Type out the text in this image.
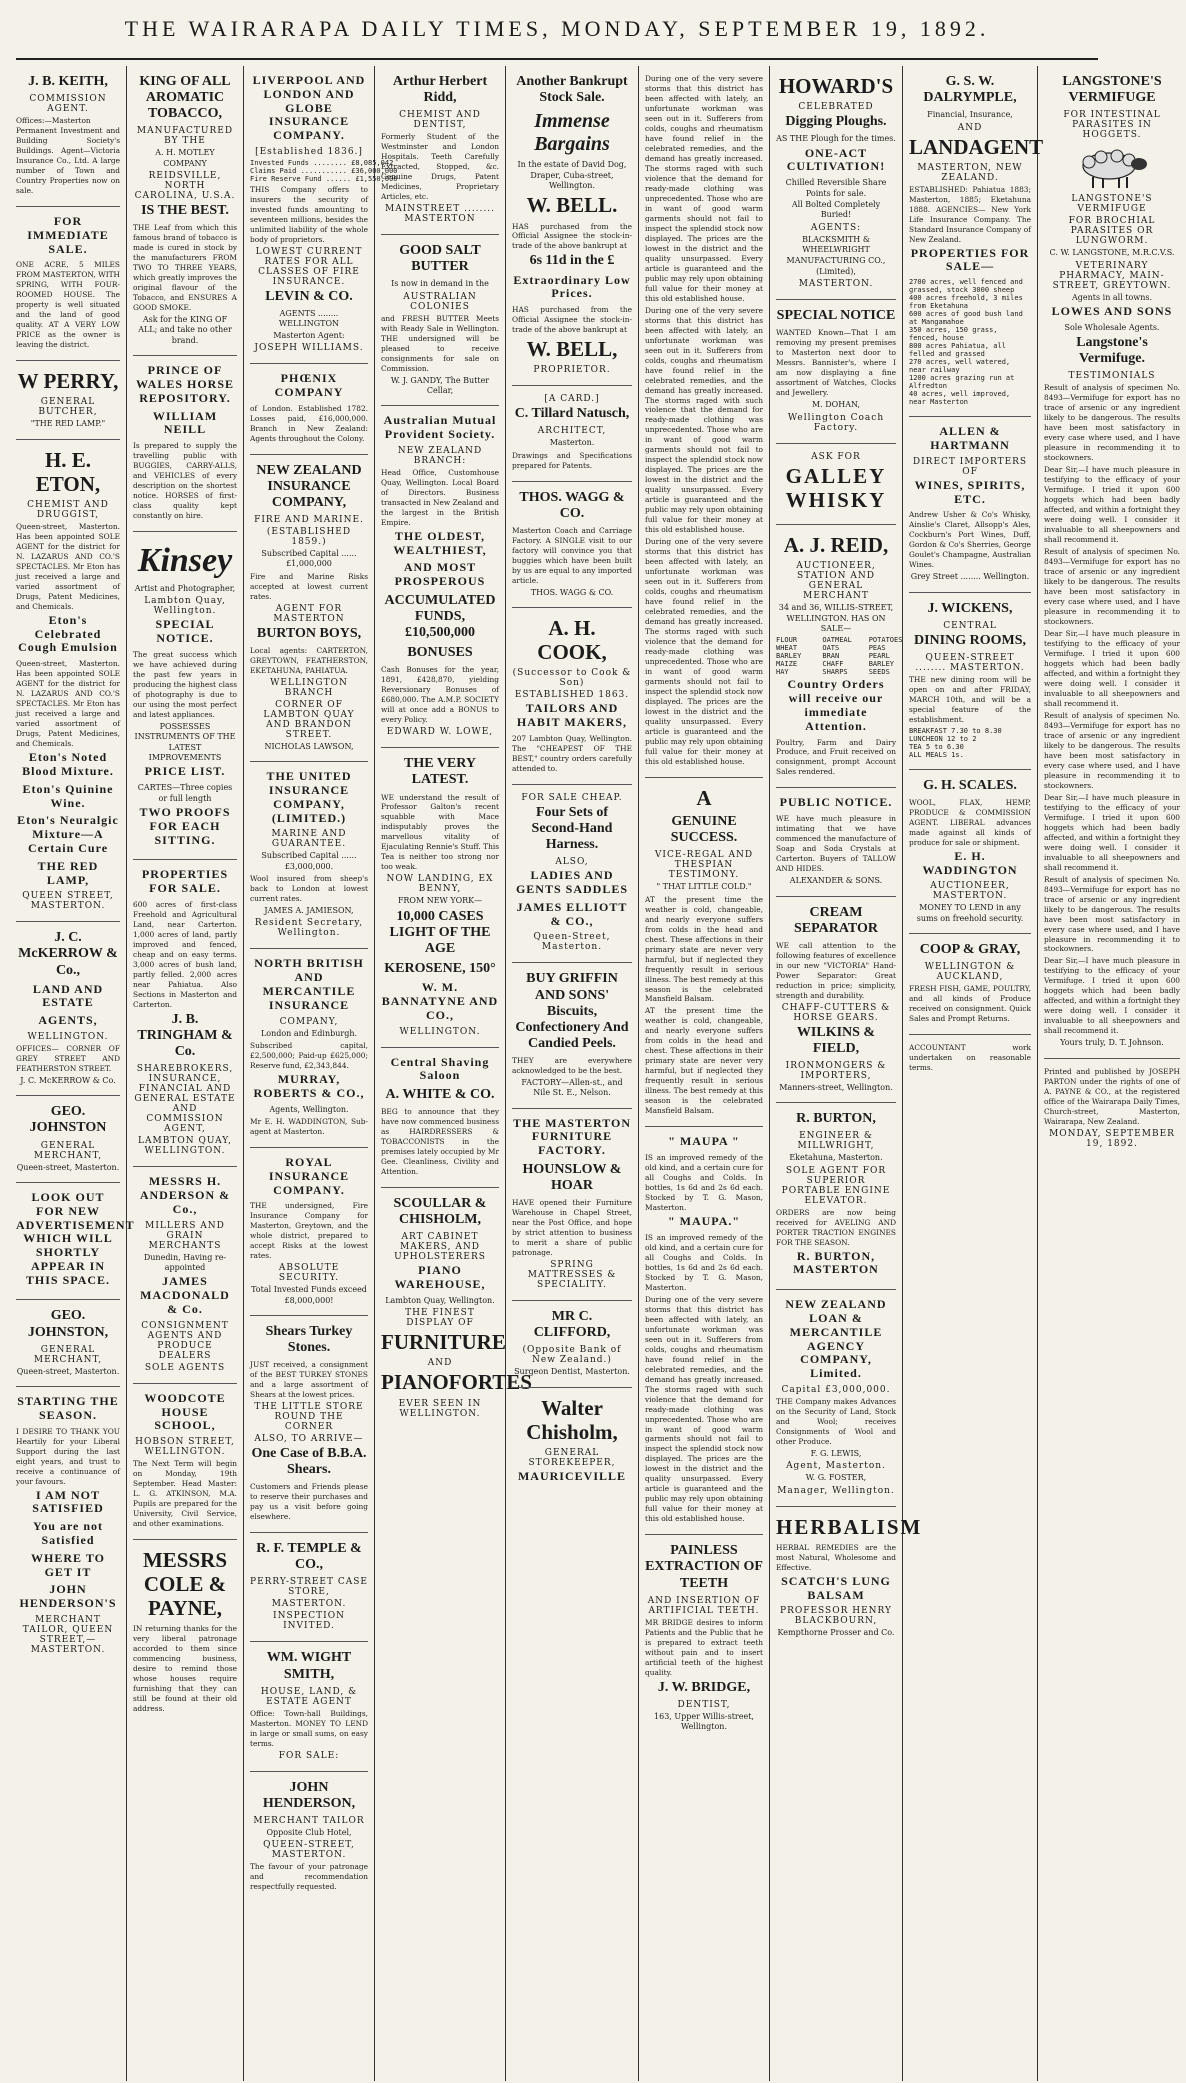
THE WAIRARAPA DAILY TIMES, MONDAY, SEPTEMBER 19, 1892.
J. B. KEITH,
COMMISSION AGENT.
Offices:—Masterton Permanent Investment and Building Society's Buildings. Agent—Victoria Insurance Co., Ltd. A large number of Town and Country Properties now on sale.
FOR IMMEDIATE SALE.
ONE ACRE, 5 MILES FROM MASTERTON, WITH SPRING, WITH FOUR-ROOMED HOUSE. The property is well situated and the land of good quality. AT A VERY LOW PRICE as the owner is leaving the district.
W PERRY,
GENERAL BUTCHER,
"THE RED LAMP."
H. E. ETON,
CHEMIST AND DRUGGIST,
Queen-street, Masterton. Has been appointed SOLE AGENT for the district for N. LAZARUS AND CO.'S SPECTACLES. Mr Eton has just received a large and varied assortment of Drugs, Patent Medicines, and Chemicals.
Eton's Celebrated Cough Emulsion
Queen-street, Masterton. Has been appointed SOLE AGENT for the district for N. LAZARUS AND CO.'S SPECTACLES. Mr Eton has just received a large and varied assortment of Drugs, Patent Medicines, and Chemicals.
Eton's Noted Blood Mixture.
Eton's Quinine Wine.
Eton's Neuralgic Mixture—A Certain Cure
THE RED LAMP,
QUEEN STREET, MASTERTON.
J. C. McKERROW & Co.,
LAND AND ESTATE
AGENTS,
WELLINGTON.
OFFICES— CORNER OF GREY STREET AND FEATHERSTON STREET.
J. C. McKERROW & Co.
GEO. JOHNSTON
GENERAL MERCHANT,
Queen-street, Masterton.
LOOK OUT FOR NEW ADVERTISEMENT WHICH WILL SHORTLY APPEAR IN THIS SPACE.
GEO. JOHNSTON,
GENERAL MERCHANT,
Queen-street, Masterton.
STARTING THE SEASON.
I DESIRE TO THANK YOU Heartily for your Liberal Support during the last eight years, and trust to receive a continuance of your favours.
I AM NOT SATISFIED
You are not Satisfied
WHERE TO GET IT
JOHN HENDERSON'S
MERCHANT TAILOR, QUEEN STREET,—MASTERTON.
KING OF ALL AROMATIC TOBACCO,
MANUFACTURED BY THE
A. H. MOTLEY COMPANY
REIDSVILLE, NORTH CAROLINA, U.S.A.
IS THE BEST.
THE Leaf from which this famous brand of tobacco is made is cured in stock by the manufacturers FROM TWO TO THREE YEARS, which greatly improves the original flavour of the Tobacco, and ENSURES A GOOD SMOKE.
Ask for the KING OF ALL; and take no other brand.
PRINCE OF WALES HORSE REPOSITORY.
WILLIAM NEILL
Is prepared to supply the travelling public with BUGGIES, CARRY-ALLS, and VEHICLES of every description on the shortest notice. HORSES of first-class quality kept constantly on hire.
Kinsey
Artist and Photographer,
Lambton Quay, Wellington.
SPECIAL NOTICE.
The great success which we have achieved during the past few years in producing the highest class of photography is due to our using the most perfect and latest appliances.
POSSESSES INSTRUMENTS OF THE LATEST IMPROVEMENTS
PRICE LIST.
CARTES—Three copies or full length
TWO PROOFS FOR EACH SITTING.
PROPERTIES FOR SALE.
600 acres of first-class Freehold and Agricultural Land, near Carterton. 1,000 acres of land, partly improved and fenced, cheap and on easy terms. 3,000 acres of bush land, partly felled. 2,000 acres near Pahiatua. Also Sections in Masterton and Carterton.
J. B. TRINGHAM & Co.
SHAREBROKERS, INSURANCE, FINANCIAL AND GENERAL ESTATE AND COMMISSION AGENT,
LAMBTON QUAY, WELLINGTON.
MESSRS H. ANDERSON & Co.,
MILLERS AND GRAIN MERCHANTS
Dunedin, Having re-appointed
JAMES MACDONALD & Co.
CONSIGNMENT AGENTS AND PRODUCE DEALERS
SOLE AGENTS
WOODCOTE HOUSE SCHOOL,
HOBSON STREET, WELLINGTON.
The Next Term will begin on Monday, 19th September. Head Master: L. G. ATKINSON, M.A. Pupils are prepared for the University, Civil Service, and other examinations.
MESSRS COLE & PAYNE,
IN returning thanks for the very liberal patronage accorded to them since commencing business, desire to remind those whose houses require furnishing that they can still be found at their old address.
LIVERPOOL AND LONDON AND GLOBE INSURANCE COMPANY.
[Established 1836.]
Invested Funds ........ £8,085,042
Claims Paid ........... £36,000,000
Fire Reserve Fund ...... £1,550,000
THIS Company offers to insurers the security of invested funds amounting to seventeen millions, besides the unlimited liability of the whole body of proprietors.
LOWEST CURRENT RATES FOR ALL CLASSES OF FIRE INSURANCE.
LEVIN & CO.
AGENTS ........ WELLINGTON
Masterton Agent:
JOSEPH WILLIAMS.
PHŒNIX COMPANY
of London. Established 1782. Losses paid, £16,000,000. Branch in New Zealand: Agents throughout the Colony.
NEW ZEALAND INSURANCE COMPANY,
FIRE AND MARINE.
(ESTABLISHED 1859.)
Subscribed Capital ...... £1,000,000
Fire and Marine Risks accepted at lowest current rates.
AGENT FOR MASTERTON
BURTON BOYS,
Local agents: CARTERTON, GREYTOWN, FEATHERSTON, EKETAHUNA, PAHIATUA.
WELLINGTON BRANCH
CORNER OF LAMBTON QUAY AND BRANDON STREET.
NICHOLAS LAWSON,
THE UNITED INSURANCE COMPANY, (LIMITED.)
MARINE AND GUARANTEE.
Subscribed Capital ...... £3,000,000.
Wool insured from sheep's back to London at lowest current rates.
JAMES A. JAMIESON,
Resident Secretary, Wellington.
NORTH BRITISH AND MERCANTILE INSURANCE
COMPANY,
London and Edinburgh.
Subscribed capital, £2,500,000; Paid-up £625,000; Reserve fund, £2,343,844.
MURRAY, ROBERTS & CO.,
Agents, Wellington.
Mr E. H. WADDINGTON, Sub-agent at Masterton.
ROYAL INSURANCE COMPANY.
THE undersigned, Fire Insurance Company for Masterton, Greytown, and the whole district, prepared to accept Risks at the lowest rates.
ABSOLUTE SECURITY.
Total Invested Funds exceed £8,000,000!
Shears Turkey Stones.
JUST received, a consignment of the BEST TURKEY STONES and a large assortment of Shears at the lowest prices.
THE LITTLE STORE ROUND THE CORNER
ALSO, TO ARRIVE—
One Case of B.B.A. Shears.
Customers and Friends please to reserve their purchases and pay us a visit before going elsewhere.
R. F. TEMPLE & CO.,
PERRY-STREET CASE STORE,
MASTERTON.
INSPECTION INVITED.
WM. WIGHT SMITH,
HOUSE, LAND, & ESTATE AGENT
Office: Town-hall Buildings, Masterton. MONEY TO LEND in large or small sums, on easy terms.
FOR SALE:
JOHN HENDERSON,
MERCHANT TAILOR
Opposite Club Hotel,
QUEEN-STREET, MASTERTON.
The favour of your patronage and recommendation respectfully requested.
Arthur Herbert Ridd,
CHEMIST AND DENTIST,
Formerly Student of the Westminster and London Hospitals. Teeth Carefully Extracted, Stopped, &c. Genuine Drugs, Patent Medicines, Proprietary Articles, etc.
MAINSTREET ........ MASTERTON
GOOD SALT BUTTER
Is now in demand in the
AUSTRALIAN COLONIES
and FRESH BUTTER Meets with Ready Sale in Wellington. THE undersigned will be pleased to receive consignments for sale on Commission.
W. J. GANDY, The Butter Cellar,
Australian Mutual Provident Society.
NEW ZEALAND BRANCH:
Head Office, Customhouse Quay, Wellington. Local Board of Directors. Business transacted in New Zealand and the largest in the British Empire.
THE OLDEST, WEALTHIEST,
AND MOST PROSPEROUS
ACCUMULATED FUNDS, £10,500,000
BONUSES
Cash Bonuses for the year, 1891, £428,870, yielding Reversionary Bonuses of £680,000. The A.M.P. SOCIETY will at once add a BONUS to every Policy.
EDWARD W. LOWE,
THE VERY LATEST.
WE understand the result of Professor Galton's recent squabble with Mace indisputably proves the marvellous vitality of Ejaculating Rennie's Stuff. This Tea is neither too strong nor too weak.
NOW LANDING, EX BENNY,
FROM NEW YORK—
10,000 CASES LIGHT OF THE AGE
KEROSENE, 150°
W. M. BANNATYNE AND CO.,
WELLINGTON.
Central Shaving Saloon
A. WHITE & CO.
BEG to announce that they have now commenced business as HAIRDRESSERS & TOBACCONISTS in the premises lately occupied by Mr Gee. Cleanliness, Civility and Attention.
SCOULLAR & CHISHOLM,
ART CABINET MAKERS, AND UPHOLSTERERS
PIANO WAREHOUSE,
Lambton Quay, Wellington.
THE FINEST DISPLAY OF
FURNITURE
AND
PIANOFORTES
EVER SEEN IN WELLINGTON.
Another Bankrupt Stock Sale.
Immense Bargains
In the estate of David Dog, Draper, Cuba-street, Wellington.
W. BELL.
HAS purchased from the Official Assignee the stock-in-trade of the above bankrupt at
6s 11d in the £
Extraordinary Low Prices.
HAS purchased from the Official Assignee the stock-in-trade of the above bankrupt at
W. BELL,
PROPRIETOR.
[A CARD.]
C. Tillard Natusch,
ARCHITECT,
Masterton.
Drawings and Specifications prepared for Patents.
THOS. WAGG & CO.
Masterton Coach and Carriage Factory. A SINGLE visit to our factory will convince you that buggies which have been built by us are equal to any imported article.
THOS. WAGG & CO.
A. H. COOK,
(Successor to Cook & Son)
ESTABLISHED 1863.
TAILORS AND HABIT MAKERS,
207 Lambton Quay, Wellington. The "CHEAPEST OF THE BEST," country orders carefully attended to.
FOR SALE CHEAP.
Four Sets of Second-Hand Harness.
ALSO,
LADIES AND GENTS SADDLES
JAMES ELLIOTT & CO.,
Queen-Street, Masterton.
BUY GRIFFIN AND SONS' Biscuits, Confectionery And Candied Peels.
THEY are everywhere acknowledged to be the best.
FACTORY—Allen-st., and Nile St. E., Nelson.
THE MASTERTON FURNITURE FACTORY.
HOUNSLOW & HOAR
HAVE opened their Furniture Warehouse in Chapel Street, near the Post Office, and hope by strict attention to business to merit a share of public patronage.
SPRING MATTRESSES & SPECIALITY.
MR C. CLIFFORD,
(Opposite Bank of New Zealand.)
Surgeon Dentist, Masterton.
Walter Chisholm,
GENERAL STOREKEEPER,
MAURICEVILLE
During one of the very severe storms that this district has been affected with lately, an unfortunate workman was seen out in it. Sufferers from colds, coughs and rheumatism have found relief in the celebrated remedies, and the demand has greatly increased. The storms raged with such violence that the demand for ready-made clothing was unprecedented. Those who are in want of good warm garments should not fail to inspect the splendid stock now displayed. The prices are the lowest in the district and the quality unsurpassed. Every article is guaranteed and the public may rely upon obtaining full value for their money at this old established house.
During one of the very severe storms that this district has been affected with lately, an unfortunate workman was seen out in it. Sufferers from colds, coughs and rheumatism have found relief in the celebrated remedies, and the demand has greatly increased. The storms raged with such violence that the demand for ready-made clothing was unprecedented. Those who are in want of good warm garments should not fail to inspect the splendid stock now displayed. The prices are the lowest in the district and the quality unsurpassed. Every article is guaranteed and the public may rely upon obtaining full value for their money at this old established house.
During one of the very severe storms that this district has been affected with lately, an unfortunate workman was seen out in it. Sufferers from colds, coughs and rheumatism have found relief in the celebrated remedies, and the demand has greatly increased. The storms raged with such violence that the demand for ready-made clothing was unprecedented. Those who are in want of good warm garments should not fail to inspect the splendid stock now displayed. The prices are the lowest in the district and the quality unsurpassed. Every article is guaranteed and the public may rely upon obtaining full value for their money at this old established house.
A
GENUINE SUCCESS.
VICE-REGAL AND THESPIAN TESTIMONY.
" THAT LITTLE COLD."
AT the present time the weather is cold, changeable, and nearly everyone suffers from colds in the head and chest. These affections in their primary state are never very harmful, but if neglected they frequently result in serious illness. The best remedy at this season is the celebrated Mansfield Balsam.
AT the present time the weather is cold, changeable, and nearly everyone suffers from colds in the head and chest. These affections in their primary state are never very harmful, but if neglected they frequently result in serious illness. The best remedy at this season is the celebrated Mansfield Balsam.
" MAUPA "
IS an improved remedy of the old kind, and a certain cure for all Coughs and Colds. In bottles, 1s 6d and 2s 6d each. Stocked by T. G. Mason, Masterton.
" MAUPA."
IS an improved remedy of the old kind, and a certain cure for all Coughs and Colds. In bottles, 1s 6d and 2s 6d each. Stocked by T. G. Mason, Masterton.
During one of the very severe storms that this district has been affected with lately, an unfortunate workman was seen out in it. Sufferers from colds, coughs and rheumatism have found relief in the celebrated remedies, and the demand has greatly increased. The storms raged with such violence that the demand for ready-made clothing was unprecedented. Those who are in want of good warm garments should not fail to inspect the splendid stock now displayed. The prices are the lowest in the district and the quality unsurpassed. Every article is guaranteed and the public may rely upon obtaining full value for their money at this old established house.
PAINLESS EXTRACTION OF TEETH
AND INSERTION OF ARTIFICIAL TEETH.
MR BRIDGE desires to inform Patients and the Public that he is prepared to extract teeth without pain and to insert artificial teeth of the highest quality.
J. W. BRIDGE,
DENTIST,
163, Upper Willis-street, Wellington.
HOWARD'S
CELEBRATED
Digging Ploughs.
AS THE Plough for the times.
ONE-ACT CULTIVATION!
Chilled Reversible Share Points for sale.
All Bolted Completely Buried!
AGENTS:
BLACKSMITH & WHEELWRIGHT MANUFACTURING CO.,
(Limited),
MASTERTON.
SPECIAL NOTICE
WANTED Known—That I am removing my present premises to Masterton next door to Messrs. Bannister's, where I am now displaying a fine assortment of Watches, Clocks and Jewellery.
M. DOHAN,
Wellington Coach Factory.
ASK FOR
GALLEY WHISKY
A. J. REID,
AUCTIONEER, STATION AND GENERAL MERCHANT
34 and 36, WILLIS-STREET, WELLINGTON. HAS ON SALE—
FLOUR      OATMEAL    POTATOES
WHEAT      OATS       PEAS
BARLEY     BRAN       PEARL
MAIZE      CHAFF      BARLEY
HAY        SHARPS     SEEDS
Country Orders will receive our immediate Attention.
Poultry, Farm and Dairy Produce, and Fruit received on consignment, prompt Account Sales rendered.
PUBLIC NOTICE.
WE have much pleasure in intimating that we have commenced the manufacture of Soap and Soda Crystals at Carterton. Buyers of TALLOW AND HIDES.
ALEXANDER & SONS.
CREAM SEPARATOR
WE call attention to the following features of excellence in our new "VICTORIA" Hand-Power Separator: Great reduction in price; simplicity, strength and durability.
CHAFF-CUTTERS & HORSE GEARS.
WILKINS & FIELD,
IRONMONGERS & IMPORTERS,
Manners-street, Wellington.
R. BURTON,
ENGINEER & MILLWRIGHT,
Eketahuna, Masterton.
SOLE AGENT FOR SUPERIOR PORTABLE ENGINE ELEVATOR.
ORDERS are now being received for AVELING AND PORTER TRACTION ENGINES FOR THE SEASON.
R. BURTON, MASTERTON
NEW ZEALAND LOAN & MERCANTILE AGENCY COMPANY, Limited.
Capital £3,000,000.
THE Company makes Advances on the Security of Land, Stock and Wool; receives Consignments of Wool and other Produce.
F. G. LEWIS,
Agent, Masterton.
W. G. FOSTER,
Manager, Wellington.
HERBALISM
HERBAL REMEDIES are the most Natural, Wholesome and Effective.
SCATCH'S LUNG BALSAM
PROFESSOR HENRY BLACKBOURN,
Kempthorne Prosser and Co.
G. S. W. DALRYMPLE,
Financial, Insurance,
AND
LANDAGENT
MASTERTON, NEW ZEALAND.
ESTABLISHED: Pahiatua 1883; Masterton, 1885; Eketahuna 1888. AGENCIES— New York Life Insurance Company. The Standard Insurance Company of New Zealand.
PROPERTIES FOR SALE—
2700 acres, well fenced and grassed, stock 3000 sheep
400 acres freehold, 3 miles from Eketahuna
600 acres of good bush land at Mangamahoe
350 acres, 150 grass, fenced, house
800 acres Pahiatua, all felled and grassed
270 acres, well watered, near railway
1200 acres grazing run at Alfredton
40 acres, well improved, near Masterton
ALLEN & HARTMANN
DIRECT IMPORTERS OF
WINES, SPIRITS, ETC.
Andrew Usher & Co's Whisky, Ainslie's Claret, Allsopp's Ales, Cockburn's Port Wines, Duff, Gordon & Co's Sherries, George Goulet's Champagne, Australian Wines.
Grey Street ........ Wellington.
J. WICKENS,
CENTRAL
DINING ROOMS,
QUEEN-STREET ........ MASTERTON.
THE new dining room will be open on and after FRIDAY, MARCH 10th, and will be a special feature of the establishment.
BREAKFAST 7.30 to 8.30
LUNCHEON 12 to 2
TEA 5 to 6.30
ALL MEALS 1s.
G. H. SCALES.
WOOL, FLAX, HEMP, PRODUCE & COMMISSION AGENT. LIBERAL advances made against all kinds of produce for sale or shipment.
E. H. WADDINGTON
AUCTIONEER, MASTERTON.
MONEY TO LEND in any sums on freehold security.
COOP & GRAY,
WELLINGTON & AUCKLAND,
FRESH FISH, GAME, POULTRY, and all kinds of Produce received on consignment. Quick Sales and Prompt Returns.
ACCOUNTANT work undertaken on reasonable terms.
LANGSTONE'S VERMIFUGE
FOR INTESTINAL PARASITES IN HOGGETS.
LANGSTONE'S VERMIFUGE
FOR BROCHIAL PARASITES OR LUNGWORM.
C. W. LANGSTONE, M.R.C.V.S.
VETERINARY PHARMACY, MAIN-STREET, GREYTOWN.
Agents in all towns.
LOWES AND SONS
Sole Wholesale Agents.
Langstone's Vermifuge.
TESTIMONIALS
Result of analysis of specimen No. 8493—Vermifuge for export has no trace of arsenic or any ingredient likely to be dangerous. The results have been most satisfactory in every case where used, and I have pleasure in recommending it to stockowners.
Dear Sir,—I have much pleasure in testifying to the efficacy of your Vermifuge. I tried it upon 600 hoggets which had been badly affected, and within a fortnight they were doing well. I consider it invaluable to all sheepowners and shall recommend it.
Result of analysis of specimen No. 8493—Vermifuge for export has no trace of arsenic or any ingredient likely to be dangerous. The results have been most satisfactory in every case where used, and I have pleasure in recommending it to stockowners.
Dear Sir,—I have much pleasure in testifying to the efficacy of your Vermifuge. I tried it upon 600 hoggets which had been badly affected, and within a fortnight they were doing well. I consider it invaluable to all sheepowners and shall recommend it.
Result of analysis of specimen No. 8493—Vermifuge for export has no trace of arsenic or any ingredient likely to be dangerous. The results have been most satisfactory in every case where used, and I have pleasure in recommending it to stockowners.
Dear Sir,—I have much pleasure in testifying to the efficacy of your Vermifuge. I tried it upon 600 hoggets which had been badly affected, and within a fortnight they were doing well. I consider it invaluable to all sheepowners and shall recommend it.
Result of analysis of specimen No. 8493—Vermifuge for export has no trace of arsenic or any ingredient likely to be dangerous. The results have been most satisfactory in every case where used, and I have pleasure in recommending it to stockowners.
Dear Sir,—I have much pleasure in testifying to the efficacy of your Vermifuge. I tried it upon 600 hoggets which had been badly affected, and within a fortnight they were doing well. I consider it invaluable to all sheepowners and shall recommend it.
Yours truly, D. T. Johnson.
Printed and published by JOSEPH PARTON under the rights of one of A. PAYNE & CO., at the registered office of the Wairarapa Daily Times, Church-street, Masterton, Wairarapa, New Zealand.
MONDAY, SEPTEMBER 19, 1892.
